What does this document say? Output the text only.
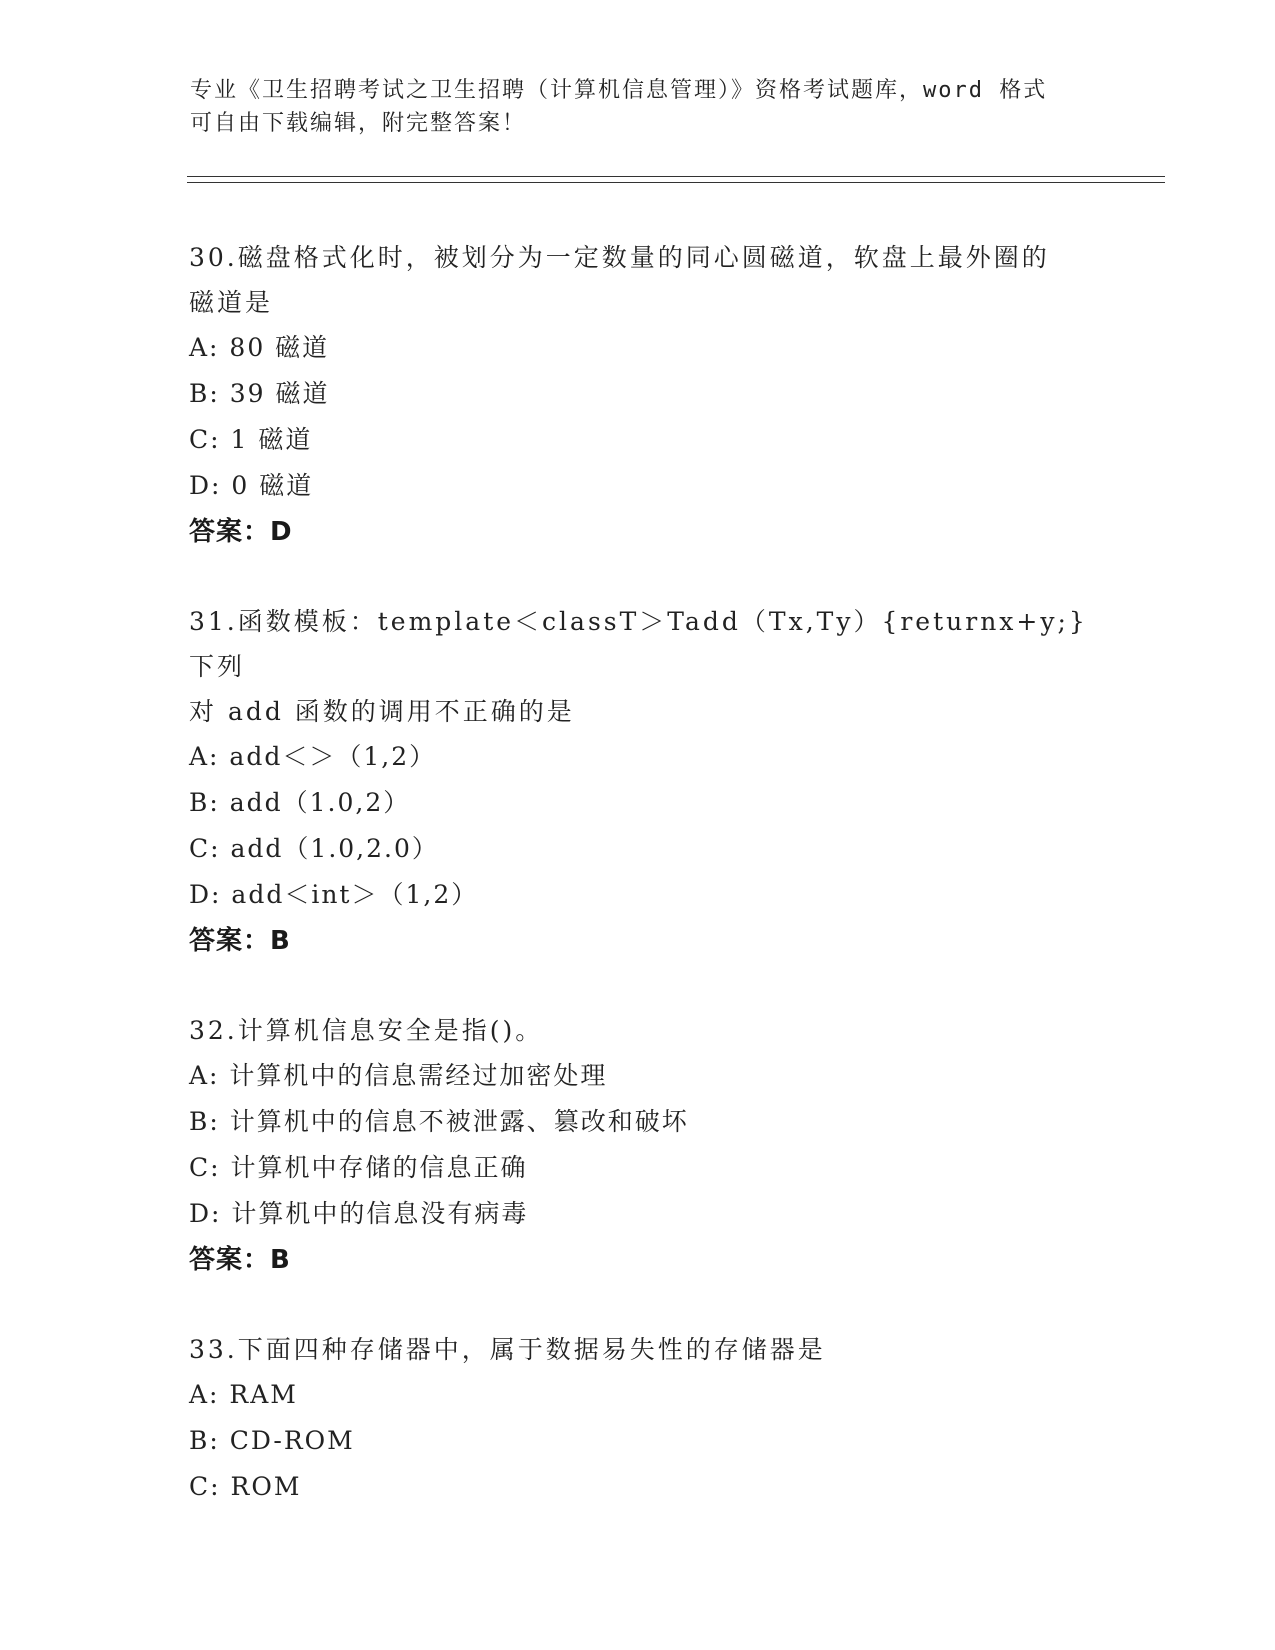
专业《卫生招聘考试之卫生招聘（计算机信息管理）》资格考试题库，word 格式
可自由下载编辑，附完整答案！
30.磁盘格式化时，被划分为一定数量的同心圆磁道，软盘上最外圈的
磁道是
A: 80 磁道
B: 39 磁道
C: 1 磁道
D: 0 磁道
答案：D
31.函数模板：template＜classT＞Tadd（Tx,Ty）{returnx+y;}下列
对 add 函数的调用不正确的是
A: add＜＞（1,2）
B: add（1.0,2）
C: add（1.0,2.0）
D: add＜int＞（1,2）
答案：B
32.计算机信息安全是指()。
A: 计算机中的信息需经过加密处理
B: 计算机中的信息不被泄露、篡改和破坏
C: 计算机中存储的信息正确
D: 计算机中的信息没有病毒
答案：B
33.下面四种存储器中，属于数据易失性的存储器是
A: RAM
B: CD-ROM
C: ROM
